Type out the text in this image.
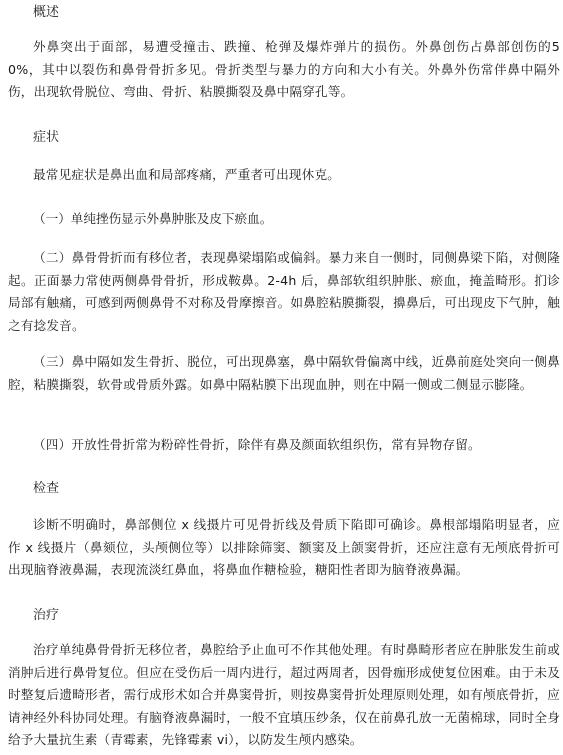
概述
外鼻突出于面部，易遭受撞击、跌撞、枪弹及爆炸弹片的损伤。外鼻创伤占鼻部创伤的50%，其中以裂伤和鼻骨骨折多见。骨折类型与暴力的方向和大小有关。外鼻外伤常伴鼻中隔外伤，出现软骨脱位、弯曲、骨折、粘膜撕裂及鼻中隔穿孔等。
症状
最常见症状是鼻出血和局部疼痛，严重者可出现休克。
（一）单纯挫伤显示外鼻肿胀及皮下瘀血。
（二）鼻骨骨折而有移位者，表现鼻梁塌陷或偏斜。暴力来自一侧时，同侧鼻梁下陷，对侧隆起。正面暴力常使两侧鼻骨骨折，形成鞍鼻。2-4h 后，鼻部软组织肿胀、瘀血，掩盖畸形。扪诊局部有触痛，可感到两侧鼻骨不对称及骨摩擦音。如鼻腔粘膜撕裂，擤鼻后，可出现皮下气肿，触之有捻发音。
（三）鼻中隔如发生骨折、脱位，可出现鼻塞，鼻中隔软骨偏离中线，近鼻前庭处突向一侧鼻腔，粘膜撕裂，软骨或骨质外露。如鼻中隔粘膜下出现血肿，则在中隔一侧或二侧显示膨隆。
（四）开放性骨折常为粉碎性骨折，除伴有鼻及颜面软组织伤，常有异物存留。
检查
诊断不明确时，鼻部侧位 x 线摄片可见骨折线及骨质下陷即可确诊。鼻根部塌陷明显者，应作 x 线摄片（鼻颏位，头颅侧位等）以排除筛窦、额窦及上颌窦骨折，还应注意有无颅底骨折可出现脑脊液鼻漏，表现流淡红鼻血，将鼻血作糖检验，糖阳性者即为脑脊液鼻漏。
治疗
治疗单纯鼻骨骨折无移位者，鼻腔给予止血可不作其他处理。有时鼻畸形者应在肿胀发生前或消肿后进行鼻骨复位。但应在受伤后一周内进行，超过两周者，因骨痂形成使复位困难。由于未及时整复后遗畸形者，需行成形术如合并鼻窦骨折，则按鼻窦骨折处理原则处理，如有颅底骨折，应请神经外科协同处理。有脑脊液鼻漏时，一般不宜填压纱条，仅在前鼻孔放一无菌棉球，同时全身给予大量抗生素（青霉素，先锋霉素 vi），以防发生颅内感染。
